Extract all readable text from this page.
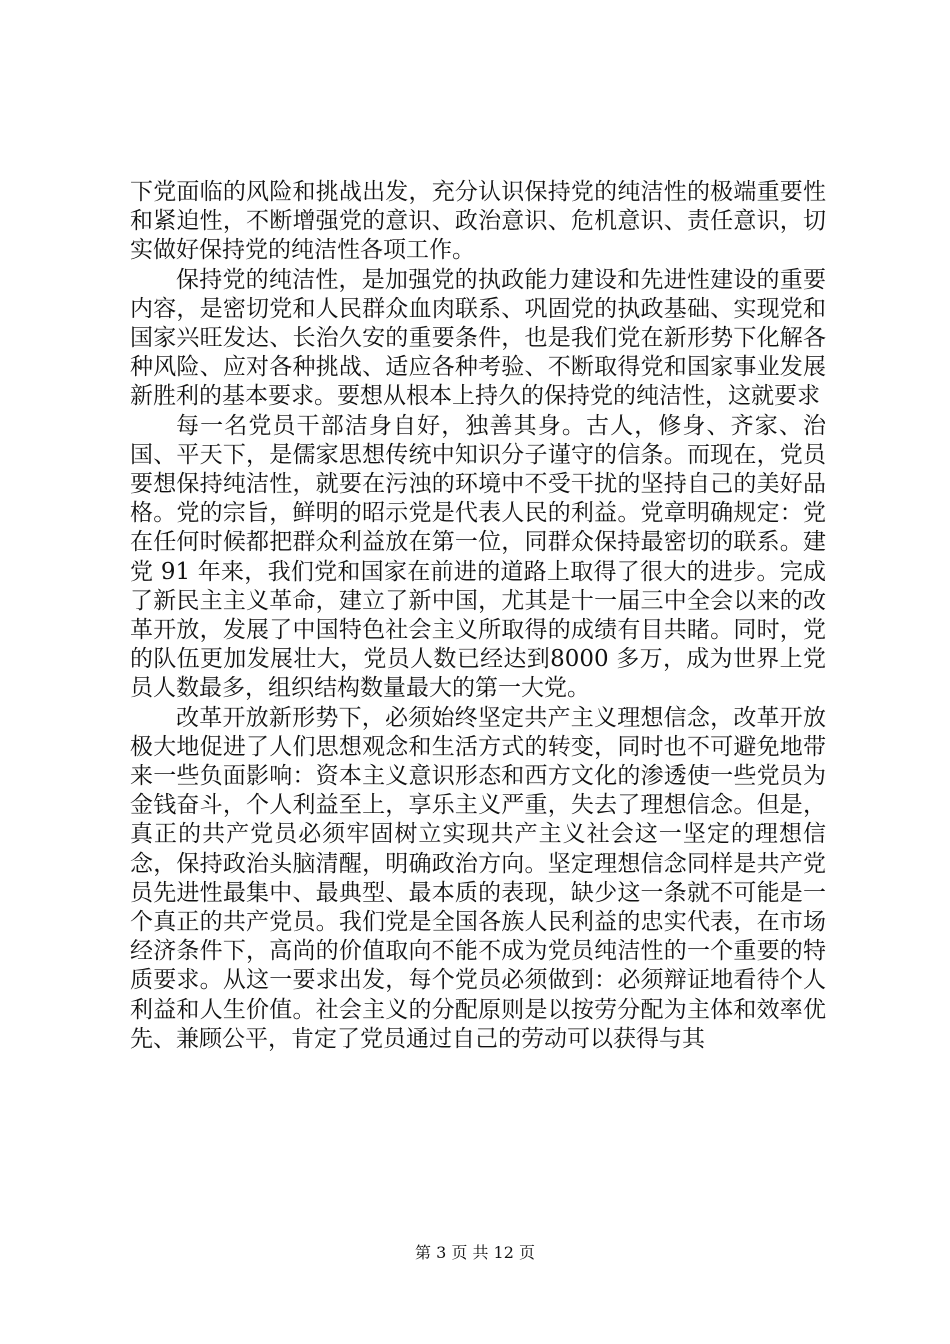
下党面临的风险和挑战出发，充分认识保持党的纯洁性的极端重要性和紧迫性，不断增强党的意识、政治意识、危机意识、责任意识，切实做好保持党的纯洁性各项工作。

保持党的纯洁性，是加强党的执政能力建设和先进性建设的重要内容，是密切党和人民群众血肉联系、巩固党的执政基础、实现党和国家兴旺发达、长治久安的重要条件，也是我们党在新形势下化解各种风险、应对各种挑战、适应各种考验、不断取得党和国家事业发展新胜利的基本要求。要想从根本上持久的保持党的纯洁性，这就要求

每一名党员干部洁身自好，独善其身。古人，修身、齐家、治国、平天下，是儒家思想传统中知识分子谨守的信条。而现在，党员要想保持纯洁性，就要在污浊的环境中不受干扰的坚持自己的美好品格。党的宗旨，鲜明的昭示党是代表人民的利益。党章明确规定：党在任何时候都把群众利益放在第一位，同群众保持最密切的联系。建党 91 年来，我们党和国家在前进的道路上取得了很大的进步。完成了新民主主义革命，建立了新中国，尤其是十一届三中全会以来的改革开放，发展了中国特色社会主义所取得的成绩有目共睹。同时，党的队伍更加发展壮大，党员人数已经达到8000 多万，成为世界上党员人数最多，组织结构数量最大的第一大党。

改革开放新形势下，必须始终坚定共产主义理想信念，改革开放极大地促进了人们思想观念和生活方式的转变，同时也不可避免地带来一些负面影响：资本主义意识形态和西方文化的渗透使一些党员为金钱奋斗，个人利益至上，享乐主义严重，失去了理想信念。但是，真正的共产党员必须牢固树立实现共产主义社会这一坚定的理想信念，保持政治头脑清醒，明确政治方向。坚定理想信念同样是共产党员先进性最集中、最典型、最本质的表现，缺少这一条就不可能是一个真正的共产党员。我们党是全国各族人民利益的忠实代表，在市场经济条件下，高尚的价值取向不能不成为党员纯洁性的一个重要的特质要求。从这一要求出发，每个党员必须做到：必须辩证地看待个人利益和人生价值。社会主义的分配原则是以按劳分配为主体和效率优先、兼顾公平，肯定了党员通过自己的劳动可以获得与其

第 3 页 共 12 页
